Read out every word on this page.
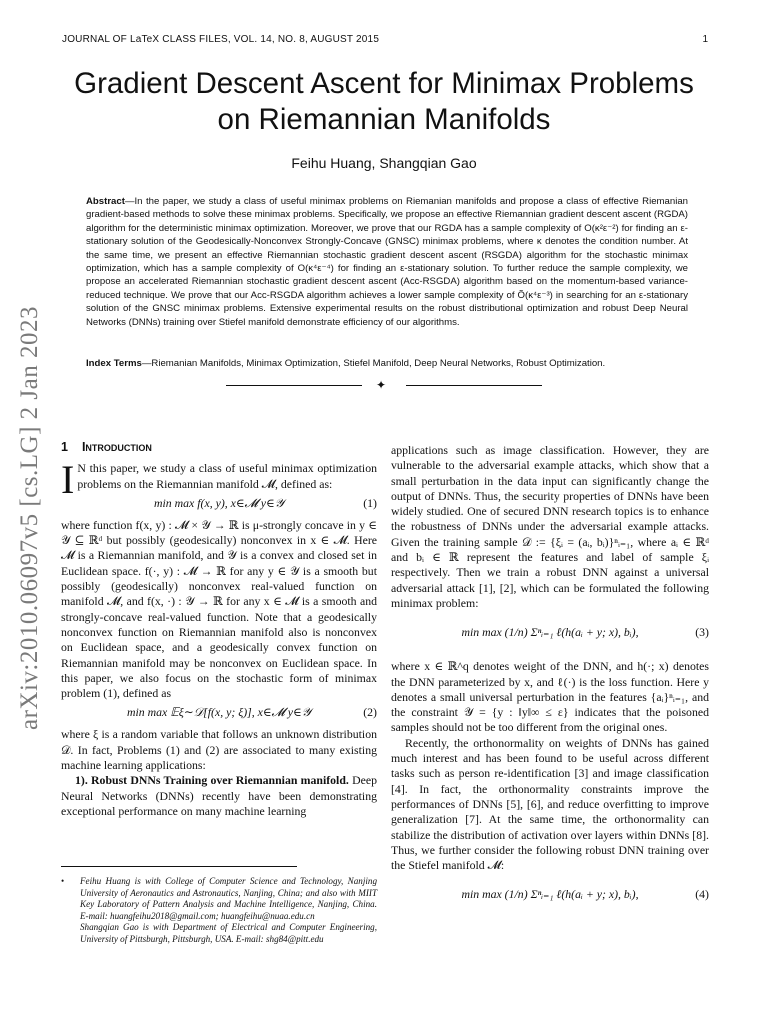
JOURNAL OF LaTeX CLASS FILES, VOL. 14, NO. 8, AUGUST 2015	1
Gradient Descent Ascent for Minimax Problems
on Riemannian Manifolds
Feihu Huang, Shangqian Gao
Abstract—In the paper, we study a class of useful minimax problems on Riemanian manifolds and propose a class of effective Riemanian gradient-based methods to solve these minimax problems. Specifically, we propose an effective Riemannian gradient descent ascent (RGDA) algorithm for the deterministic minimax optimization. Moreover, we prove that our RGDA has a sample complexity of O(κ²ε⁻²) for finding an ε-stationary solution of the Geodesically-Nonconvex Strongly-Concave (GNSC) minimax problems, where κ denotes the condition number. At the same time, we present an effective Riemannian stochastic gradient descent ascent (RSGDA) algorithm for the stochastic minimax optimization, which has a sample complexity of O(κ⁴ε⁻⁴) for finding an ε-stationary solution. To further reduce the sample complexity, we propose an accelerated Riemannian stochastic gradient descent ascent (Acc-RSGDA) algorithm based on the momentum-based variance-reduced technique. We prove that our Acc-RSGDA algorithm achieves a lower sample complexity of Õ(κ⁴ε⁻³) in searching for an ε-stationary solution of the GNSC minimax problems. Extensive experimental results on the robust distributional optimization and robust Deep Neural Networks (DNNs) training over Stiefel manifold demonstrate efficiency of our algorithms.
Index Terms—Riemanian Manifolds, Minimax Optimization, Stiefel Manifold, Deep Neural Networks, Robust Optimization.
✦
arXiv:2010.06097v5 [cs.LG] 2 Jan 2023	1 Introduction

I N this paper, we study a class of useful minimax optimization problems on the Riemannian manifold 𝓜, defined as:

min max f(x, y), x∈𝓜 y∈𝒴	(1)

where function f(x, y) : 𝓜 × 𝒴 → ℝ is μ-strongly concave in y ∈ 𝒴 ⊆ ℝᵈ but possibly (geodesically) nonconvex in x ∈ 𝓜. Here 𝓜 is a Riemannian manifold, and 𝒴 is a convex and closed set in Euclidean space. f(·, y) : 𝓜 → ℝ for any y ∈ 𝒴 is a smooth but possibly (geodesically) nonconvex real-valued function on manifold 𝓜, and f(x, ·) : 𝒴 → ℝ for any x ∈ 𝓜 is a smooth and strongly-concave real-valued function. Note that a geodesically nonconvex function on Riemannian manifold also is nonconvex on Euclidean space, and a geodesically convex function on Riemannian manifold may be nonconvex on Euclidean space. In this paper, we also focus on the stochastic form of minimax problem (1), defined as

min max 𝔼ξ∼𝒟[f(x, y; ξ)], x∈𝓜 y∈𝒴	(2)

where ξ is a random variable that follows an unknown distribution 𝒟. In fact, Problems (1) and (2) are associated to many existing machine learning applications:

1). Robust DNNs Training over Riemannian manifold. Deep Neural Networks (DNNs) recently have been demonstrating exceptional performance on many machine learning

applications such as image classification. However, they are vulnerable to the adversarial example attacks, which show that a small perturbation in the data input can significantly change the output of DNNs. Thus, the security properties of DNNs have been widely studied. One of secured DNN research topics is to enhance the robustness of DNNs under the adversarial example attacks. Given the training sample 𝒟 := {ξᵢ = (aᵢ, bᵢ)}ⁿᵢ₌₁, where aᵢ ∈ ℝᵈ and bᵢ ∈ ℝ represent the features and label of sample ξᵢ respectively. Then we train a robust DNN against a universal adversarial attack [1], [2], which can be formulated the following minimax problem:

min max (1/n) Σⁿᵢ₌₁ ℓ(h(aᵢ + y; x), bᵢ),	(3)

where x ∈ ℝ^q denotes weight of the DNN, and h(·; x) denotes the DNN parameterized by x, and ℓ(·) is the loss function. Here y denotes a small universal perturbation in the features {aᵢ}ⁿᵢ₌₁, and the constraint 𝒴 = {y : ‖y‖∞ ≤ ε} indicates that the poisoned samples should not be too different from the original ones.

Recently, the orthonormality on weights of DNNs has gained much interest and has been found to be useful across different tasks such as person re-identification [3] and image classification [4]. In fact, the orthonormality constraints improve the performances of DNNs [5], [6], and reduce overfitting to improve generalization [7]. At the same time, the orthonormality can stabilize the distribution of activation over layers within DNNs [8]. Thus, we further consider the following robust DNN training over the Stiefel manifold 𝓜:

min max (1/n) Σⁿᵢ₌₁ ℓ(h(aᵢ + y; x), bᵢ),	(4)
•	Feihu Huang is with College of Computer Science and Technology, Nanjing University of Aeronautics and Astronautics, Nanjing, China; and also with MIIT Key Laboratory of Pattern Analysis and Machine Intelligence, Nanjing, China. E-mail: huangfeihu2018@gmail.com; huangfeihu@nuaa.edu.cn
Shangqian Gao is with Department of Electrical and Computer Engineering, University of Pittsburgh, Pittsburgh, USA. E-mail: shg84@pitt.edu
